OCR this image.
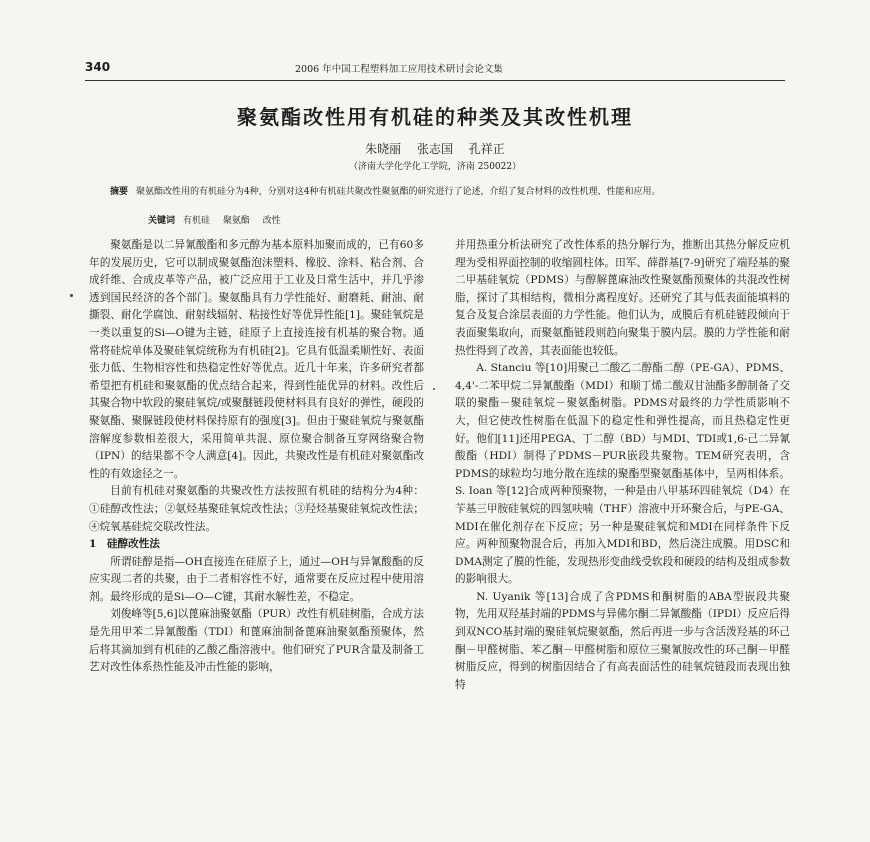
340	2006 年中国工程塑料加工应用技术研讨会论文集
聚氨酯改性用有机硅的种类及其改性机理
朱晓丽 张志国 孔祥正
（济南大学化学化工学院，济南 250022）
摘要 聚氨酯改性用的有机硅分为4种，分别对这4种有机硅共聚改性聚氨酯的研究进行了论述，介绍了复合材料的改性机理、性能和应用。
关键词 有机硅 聚氨酯 改性

聚氨酯是以二异氰酸酯和多元醇为基本原料加聚而成的，已有60多年的发展历史，它可以制成聚氨酯泡沫塑料、橡胶、涂料、粘合剂、合成纤维、合成皮革等产品，被广泛应用于工业及日常生活中，并几乎渗透到国民经济的各个部门。聚氨酯具有力学性能好、耐磨耗、耐油、耐撕裂、耐化学腐蚀、耐射线辐射、粘接性好等优异性能[1]。聚硅氧烷是一类以重复的Si—O键为主链，硅原子上直接连接有机基的聚合物。通常将硅烷单体及聚硅氧烷统称为有机硅[2]。它具有低温柔顺性好、表面张力低、生物相容性和热稳定性好等优点。近几十年来，许多研究者都希望把有机硅和聚氨酯的优点结合起来，得到性能优异的材料。改性后其聚合物中软段的聚硅氧烷/或聚醚链段使材料具有良好的弹性，硬段的聚氨酯、聚脲链段使材料保持原有的强度[3]。但由于聚硅氧烷与聚氨酯溶解度参数相差很大，采用简单共混、原位聚合制备互穿网络聚合物（IPN）的结果都不令人满意[4]。因此，共聚改性是有机硅对聚氨酯改性的有效途径之一。

目前有机硅对聚氨酯的共聚改性方法按照有机硅的结构分为4种：①硅醇改性法；②氨烃基聚硅氧烷改性法；③羟烃基聚硅氧烷改性法；④烷氧基硅烷交联改性法。

1　硅醇改性法

所谓硅醇是指—OH直接连在硅原子上，通过—OH与异氰酸酯的反应实现二者的共聚，由于二者相容性不好，通常要在反应过程中使用溶剂。最终形成的是Si—O—C键，其耐水解性差，不稳定。

刘俊峰等[5,6]以蓖麻油聚氨酯（PUR）改性有机硅树脂，合成方法是先用甲苯二异氰酸酯（TDI）和蓖麻油制备蓖麻油聚氨酯预聚体，然后将其滴加到有机硅的乙酸乙酯溶液中。他们研究了PUR含量及制备工艺对改性体系热性能及冲击性能的影响，

并用热重分析法研究了改性体系的热分解行为，推断出其热分解反应机理为受相界面控制的收缩圆柱体。田军、薛群基[7-9]研究了端羟基的聚二甲基硅氧烷（PDMS）与醇解蓖麻油改性聚氨酯预聚体的共混改性树脂，探讨了其相结构，微相分离程度好。还研究了其与低表面能填料的复合及复合涂层表面的力学性能。他们认为，成膜后有机硅链段倾向于表面聚集取向，而聚氨酯链段则趋向聚集于膜内层。膜的力学性能和耐热性得到了改善，其表面能也较低。

A. Stanciu 等[10]用聚己二酸乙二醇酯二醇（PE-GA）、PDMS、4,4'-二苯甲烷二异氰酸酯（MDI）和顺丁烯二酸双甘油酯多醇制备了交联的聚酯－聚硅氧烷－聚氨酯树脂。PDMS对最终的力学性质影响不大，但它使改性树脂在低温下的稳定性和弹性提高，而且热稳定性更好。他们[11]还用PEGA、丁二醇（BD）与MDI、TDI或1,6-己二异氰酸酯（HDI）制得了PDMS－PUR嵌段共聚物。TEM研究表明，含PDMS的球粒均匀地分散在连续的聚酯型聚氨酯基体中，呈两相体系。S. Ioan 等[12]合成两种预聚物，一种是由八甲基环四硅氧烷（D4）在苄基三甲胺硅氧烷的四氢呋喃（THF）溶液中开环聚合后，与PE-GA、MDI在催化剂存在下反应；另一种是聚硅氧烷和MDI在同样条件下反应。两种预聚物混合后，再加入MDI和BD，然后浇注成膜。用DSC和DMA测定了膜的性能，发现热形变曲线受软段和硬段的结构及组成参数的影响很大。

N. Uyanik 等[13]合成了含PDMS和酮树脂的ABA型嵌段共聚物，先用双羟基封端的PDMS与异佛尔酮二异氰酸酯（IPDI）反应后得到双NCO基封端的聚硅氧烷聚氨酯，然后再进一步与含活泼羟基的环己酮－甲醛树脂、苯乙酮－甲醛树脂和原位三聚氰胺改性的环己酮－甲醛树脂反应，得到的树脂因结合了有高表面活性的硅氧烷链段而表现出独特
